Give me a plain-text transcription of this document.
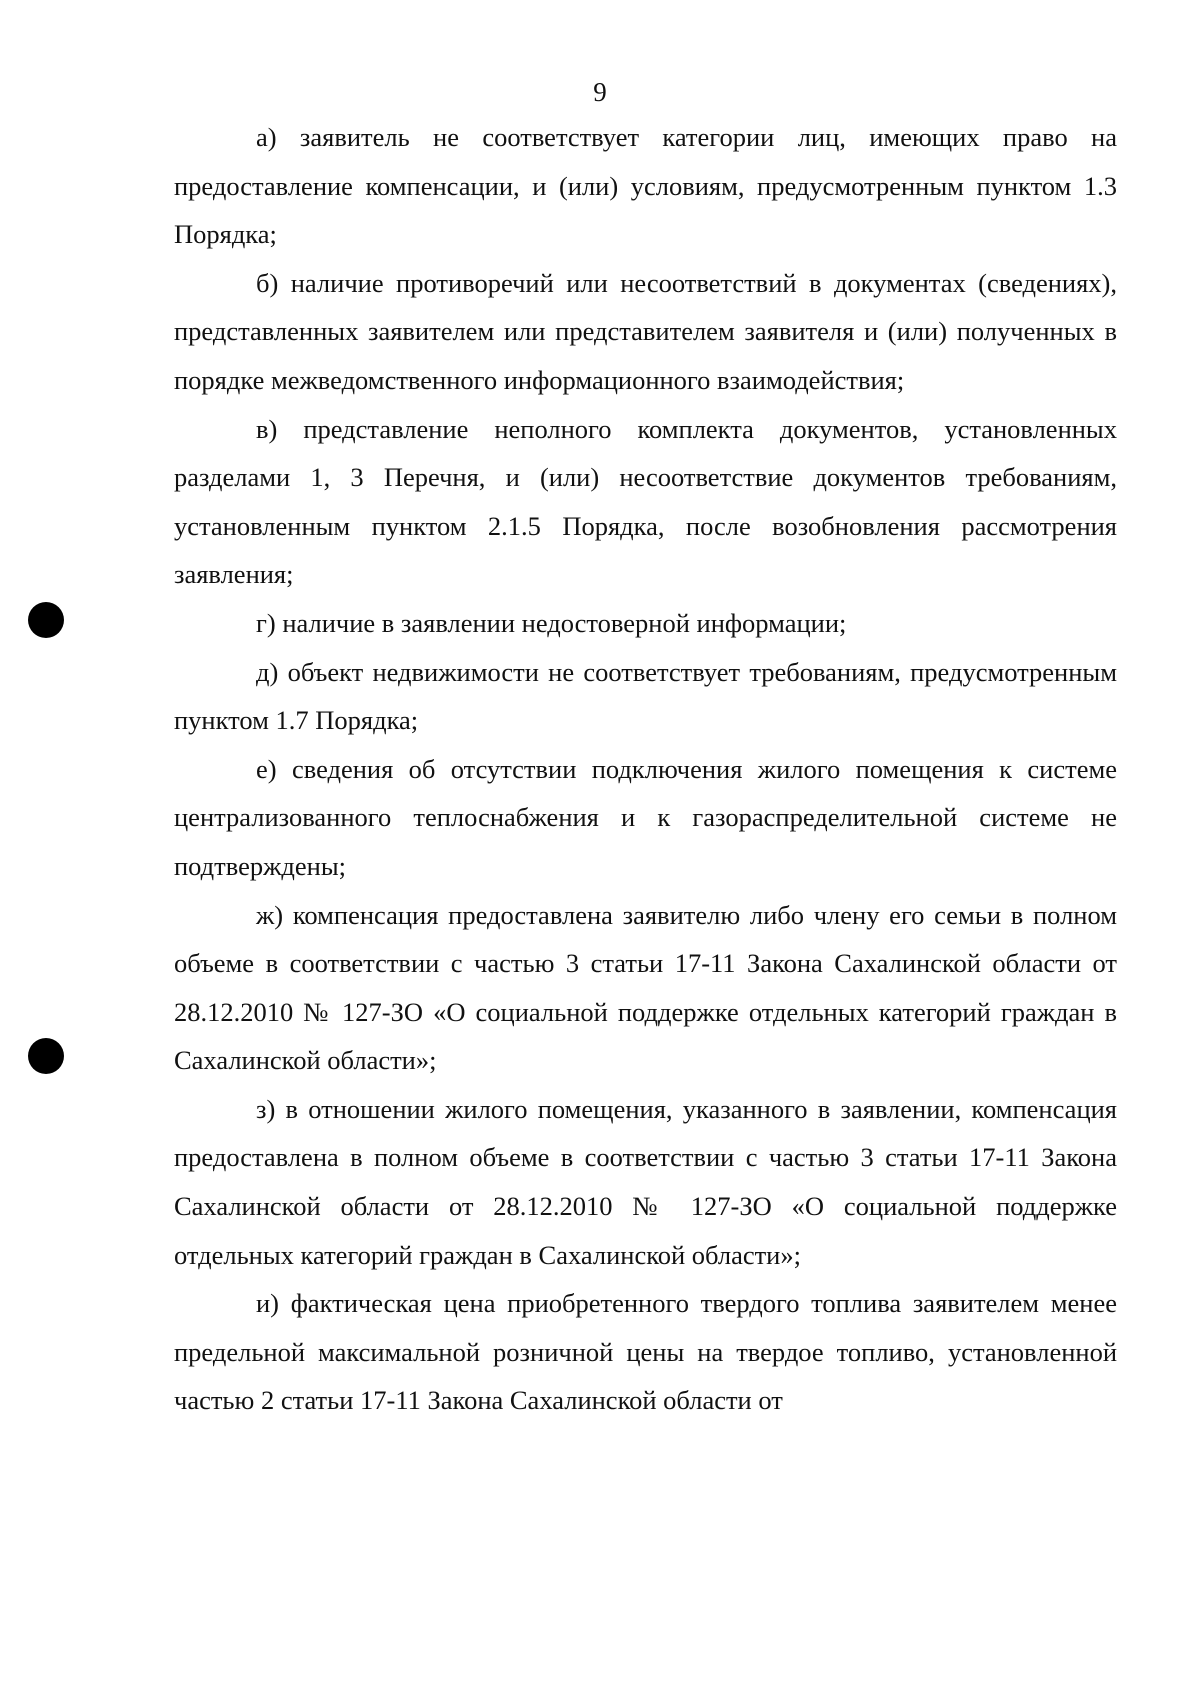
9

а) заявитель не соответствует категории лиц, имеющих право на предоставление компенсации, и (или) условиям, предусмотренным пунктом 1.3 Порядка;

б) наличие противоречий или несоответствий в документах (сведениях), представленных заявителем или представителем заявителя и (или) полученных в порядке межведомственного информационного взаимодействия;

в) представление неполного комплекта документов, установленных разделами 1, 3 Перечня, и (или) несоответствие документов требованиям, установленным пунктом 2.1.5 Порядка, после возобновления рассмотрения заявления;

г) наличие в заявлении недостоверной информации;

д) объект недвижимости не соответствует требованиям, предусмотренным пунктом 1.7 Порядка;

е) сведения об отсутствии подключения жилого помещения к системе централизованного теплоснабжения и к газораспределительной системе не подтверждены;

ж) компенсация предоставлена заявителю либо члену его семьи в полном объеме в соответствии с частью 3 статьи 17-11 Закона Сахалинской области от 28.12.2010 № 127-ЗО «О социальной поддержке отдельных категорий граждан в Сахалинской области»;

з) в отношении жилого помещения, указанного в заявлении, компенсация предоставлена в полном объеме в соответствии с частью 3 статьи 17-11 Закона Сахалинской области от 28.12.2010 № 127-ЗО «О социальной поддержке отдельных категорий граждан в Сахалинской области»;

и) фактическая цена приобретенного твердого топлива заявителем менее предельной максимальной розничной цены на твердое топливо, установленной частью 2 статьи 17-11 Закона Сахалинской области от
